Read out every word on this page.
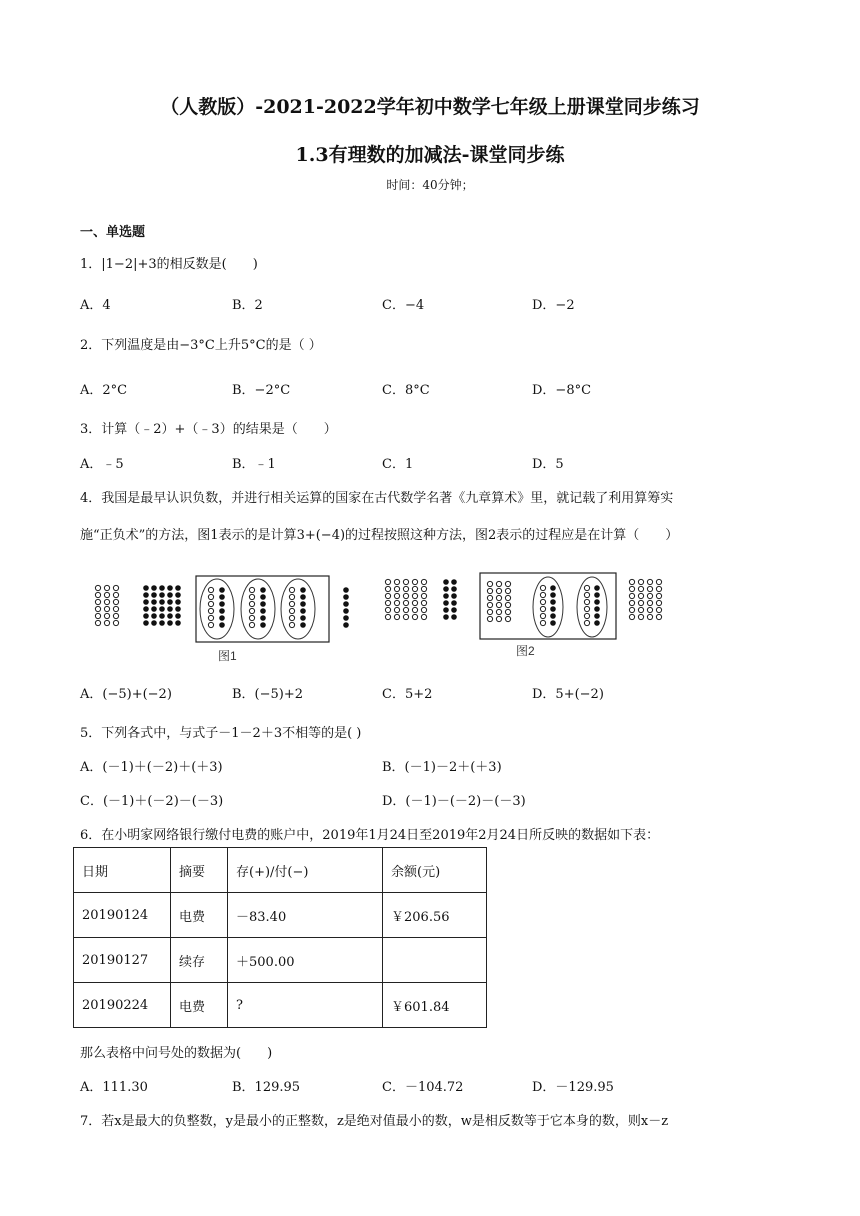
（人教版）-2021-2022学年初中数学七年级上册课堂同步练习
1.3有理数的加减法-课堂同步练
时间：40分钟；
一、单选题
1．|1−2|+3的相反数是(　　)
A．4	B．2	C．−4	D．−2
2．下列温度是由−3°C上升5°C的是（ ）
A．2°C	B．−2°C	C．8°C	D．−8°C
3．计算（﹣2）+（﹣3）的结果是（　　）
A．﹣5	B．﹣1	C．1	D．5
4．我国是最早认识负数，并进行相关运算的国家在古代数学名著《九章算术》里，就记载了利用算筹实
施“正负术”的方法，图1表示的是计算3+(−4)的过程按照这种方法，图2表示的过程应是在计算（　　）
图1	图2
A．(−5)+(−2)	B．(−5)+2	C．5+2	D．5+(−2)
5．下列各式中，与式子－1－2＋3不相等的是( )
A．(－1)＋(－2)＋(＋3)	B．(－1)－2＋(＋3)
C．(－1)＋(－2)－(－3)	D．(－1)－(－2)－(－3)
6．在小明家网络银行缴付电费的账户中，2019年1月24日至2019年2月24日所反映的数据如下表：
日期	摘要	存(+)/付(−)	余额(元)
20190124	电费	－83.40	￥206.56
20190127	续存	＋500.00	
20190224	电费	?	￥601.84
那么表格中问号处的数据为(　　)
A．111.30	B．129.95	C．－104.72	D．－129.95
7．若x是最大的负整数，y是最小的正整数，z是绝对值最小的数，w是相反数等于它本身的数，则x－z
